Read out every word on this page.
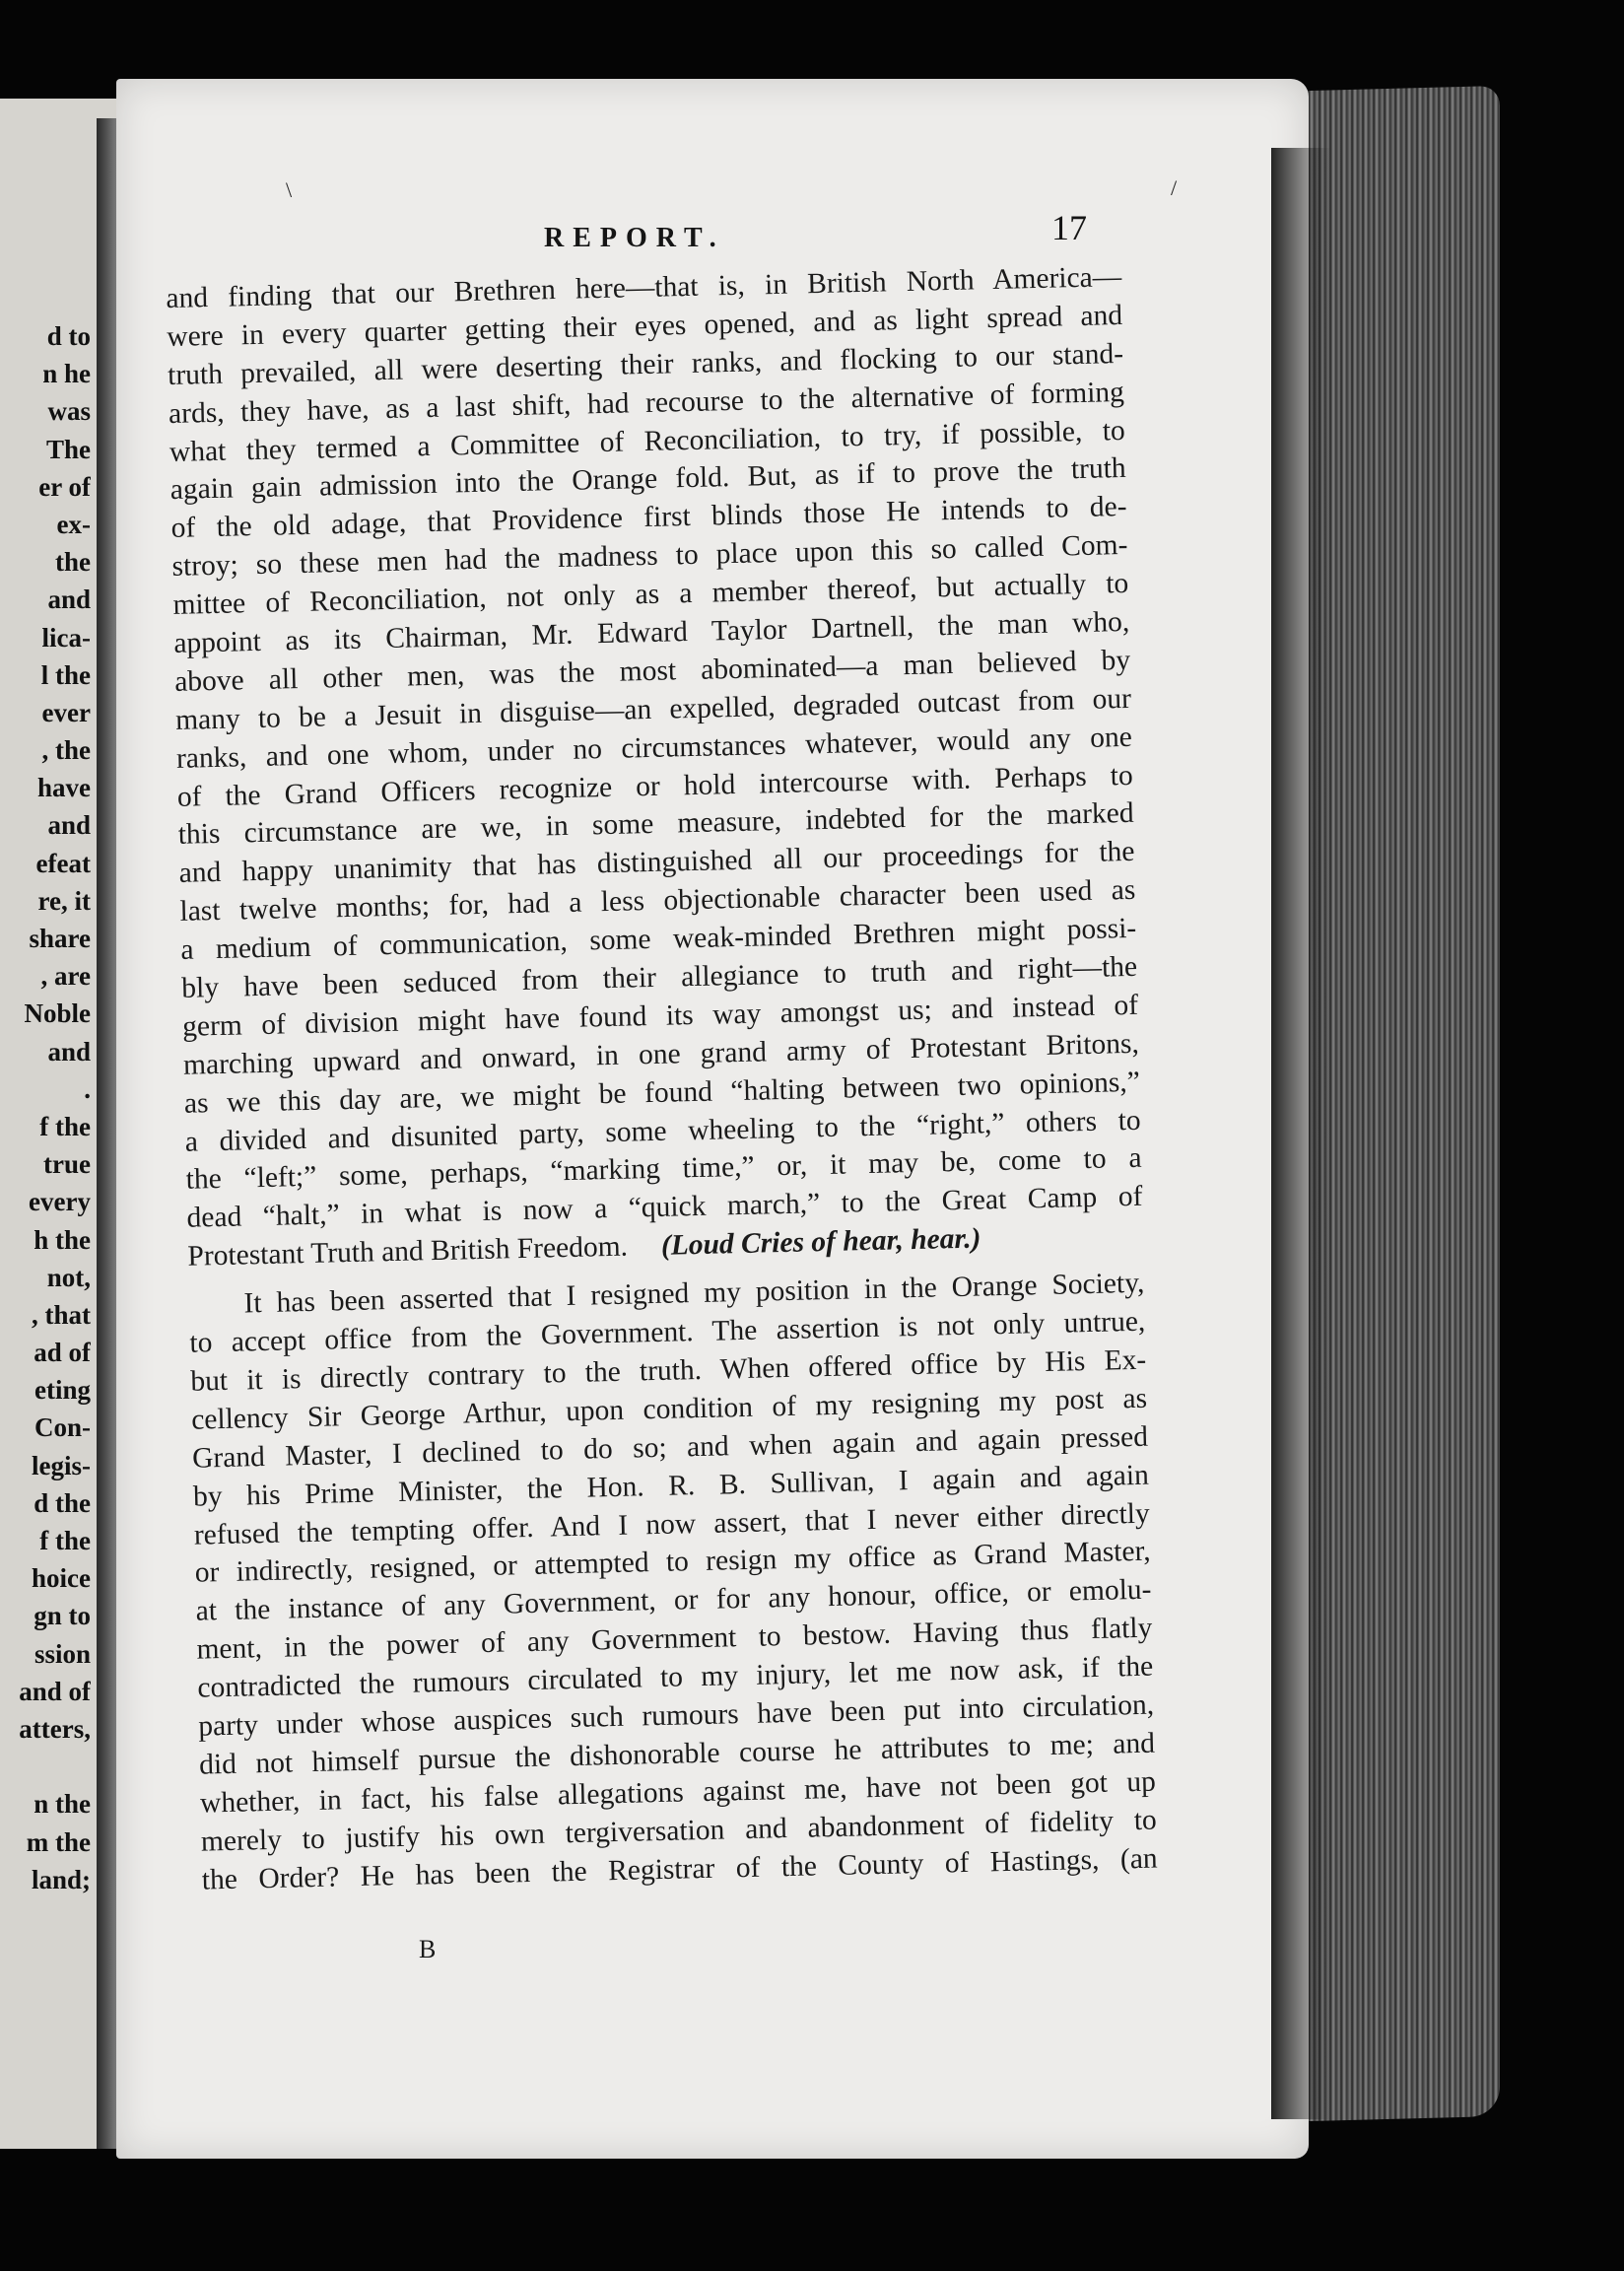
d to
n he
was
The
er of
ex-
the
and
lica-
l the
ever
, the
have
and
efeat
re, it
share
, are
Noble
and
.
f the
true
every
h the
not,
, that
ad of
eting
Con-
legis-
d the
f the
hoice
gn to
ssion
and of
atters,
n the
m the
land;
REPORT.	17
and finding that our Brethren here—that is, in British North America—
were in every quarter getting their eyes opened, and as light spread and
truth prevailed, all were deserting their ranks, and flocking to our stand-
ards, they have, as a last shift, had recourse to the alternative of forming
what they termed a Committee of Reconciliation, to try, if possible, to
again gain admission into the Orange fold. But, as if to prove the truth
of the old adage, that Providence first blinds those He intends to de-
stroy; so these men had the madness to place upon this so called Com-
mittee of Reconciliation, not only as a member thereof, but actually to
appoint as its Chairman, Mr. Edward Taylor Dartnell, the man who,
above all other men, was the most abominated—a man believed by
many to be a Jesuit in disguise—an expelled, degraded outcast from our
ranks, and one whom, under no circumstances whatever, would any one
of the Grand Officers recognize or hold intercourse with. Perhaps to
this circumstance are we, in some measure, indebted for the marked
and happy unanimity that has distinguished all our proceedings for the
last twelve months; for, had a less objectionable character been used as
a medium of communication, some weak-minded Brethren might possi-
bly have been seduced from their allegiance to truth and right—the
germ of division might have found its way amongst us; and instead of
marching upward and onward, in one grand army of Protestant Britons,
as we this day are, we might be found “halting between two opinions,”
a divided and disunited party, some wheeling to the “right,” others to
the “left;” some, perhaps, “marking time,” or, it may be, come to a
dead “halt,” in what is now a “quick march,” to the Great Camp of
Protestant Truth and British Freedom. (Loud Cries of hear, hear.)
It has been asserted that I resigned my position in the Orange Society,
to accept office from the Government. The assertion is not only untrue,
but it is directly contrary to the truth. When offered office by His Ex-
cellency Sir George Arthur, upon condition of my resigning my post as
Grand Master, I declined to do so; and when again and again pressed
by his Prime Minister, the Hon. R. B. Sullivan, I again and again
refused the tempting offer. And I now assert, that I never either directly
or indirectly, resigned, or attempted to resign my office as Grand Master,
at the instance of any Government, or for any honour, office, or emolu-
ment, in the power of any Government to bestow. Having thus flatly
contradicted the rumours circulated to my injury, let me now ask, if the
party under whose auspices such rumours have been put into circulation,
did not himself pursue the dishonorable course he attributes to me; and
whether, in fact, his false allegations against me, have not been got up
merely to justify his own tergiversation and abandonment of fidelity to
the Order? He has been the Registrar of the County of Hastings, (an
B
\	/
